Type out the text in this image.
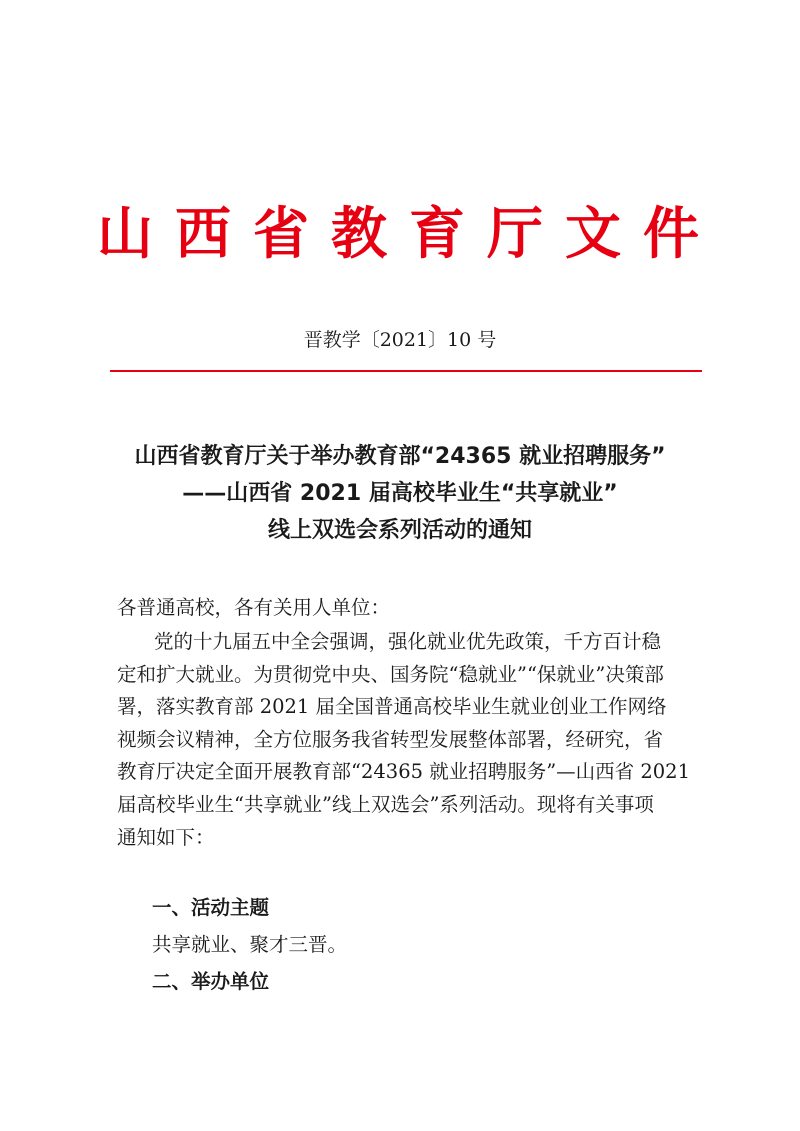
山西省教育厅文件
晋教学〔2021〕10 号
山西省教育厅关于举办教育部“24365 就业招聘服务”
——山西省 2021 届高校毕业生“共享就业”
线上双选会系列活动的通知
各普通高校，各有关用人单位：
党的十九届五中全会强调，强化就业优先政策，千方百计稳
定和扩大就业。为贯彻党中央、国务院“稳就业”“保就业”决策部
署，落实教育部 2021 届全国普通高校毕业生就业创业工作网络
视频会议精神，全方位服务我省转型发展整体部署，经研究，省
教育厅决定全面开展教育部“24365 就业招聘服务”—山西省 2021
届高校毕业生“共享就业”线上双选会”系列活动。现将有关事项
通知如下：
一、活动主题
共享就业、聚才三晋。
二、举办单位
